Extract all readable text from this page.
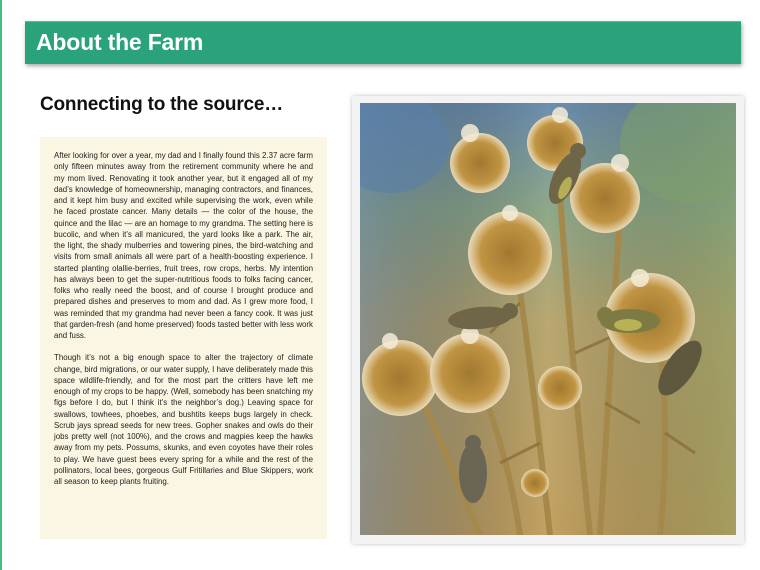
About the Farm
Connecting to the source…

After looking for over a year, my dad and I finally found this 2.37 acre farm only fifteen minutes away from the retirement community where he and my mom lived. Renovating it took another year, but it engaged all of my dad’s knowledge of homeownership, managing contractors, and finances, and it kept him busy and excited while supervising the work, even while he faced prostate cancer. Many details — the color of the house, the quince and the lilac — are an homage to my grandma. The setting here is bucolic, and when it’s all manicured, the yard looks like a park. The air, the light, the shady mulberries and towering pines, the bird-watching and visits from small animals all were part of a health-boosting experience. I started planting olallie-berries, fruit trees, row crops, herbs. My intention has always been to get the super-nutritious foods to folks facing cancer, folks who really need the boost, and of course I brought produce and prepared dishes and preserves to mom and dad. As I grew more food, I was reminded that my grandma had never been a fancy cook. It was just that garden-fresh (and home preserved) foods tasted better with less work and fuss.

Though it’s not a big enough space to alter the trajectory of climate change, bird migrations, or our water supply, I have deliberately made this space wildlife-friendly, and for the most part the critters have left me enough of my crops to be happy. (Well, somebody has been snatching my figs before I do, but I think it’s the neighbor’s dog.) Leaving space for swallows, towhees, phoebes, and bushtits keeps bugs largely in check. Scrub jays spread seeds for new trees. Gopher snakes and owls do their jobs pretty well (not 100%), and the crows and magpies keep the hawks away from my pets. Possums, skunks, and even coyotes have their roles to play. We have guest bees every spring for a while and the rest of the pollinators, local bees, gorgeous Gulf Fritillaries and Blue Skippers, work all season to keep plants fruiting.
